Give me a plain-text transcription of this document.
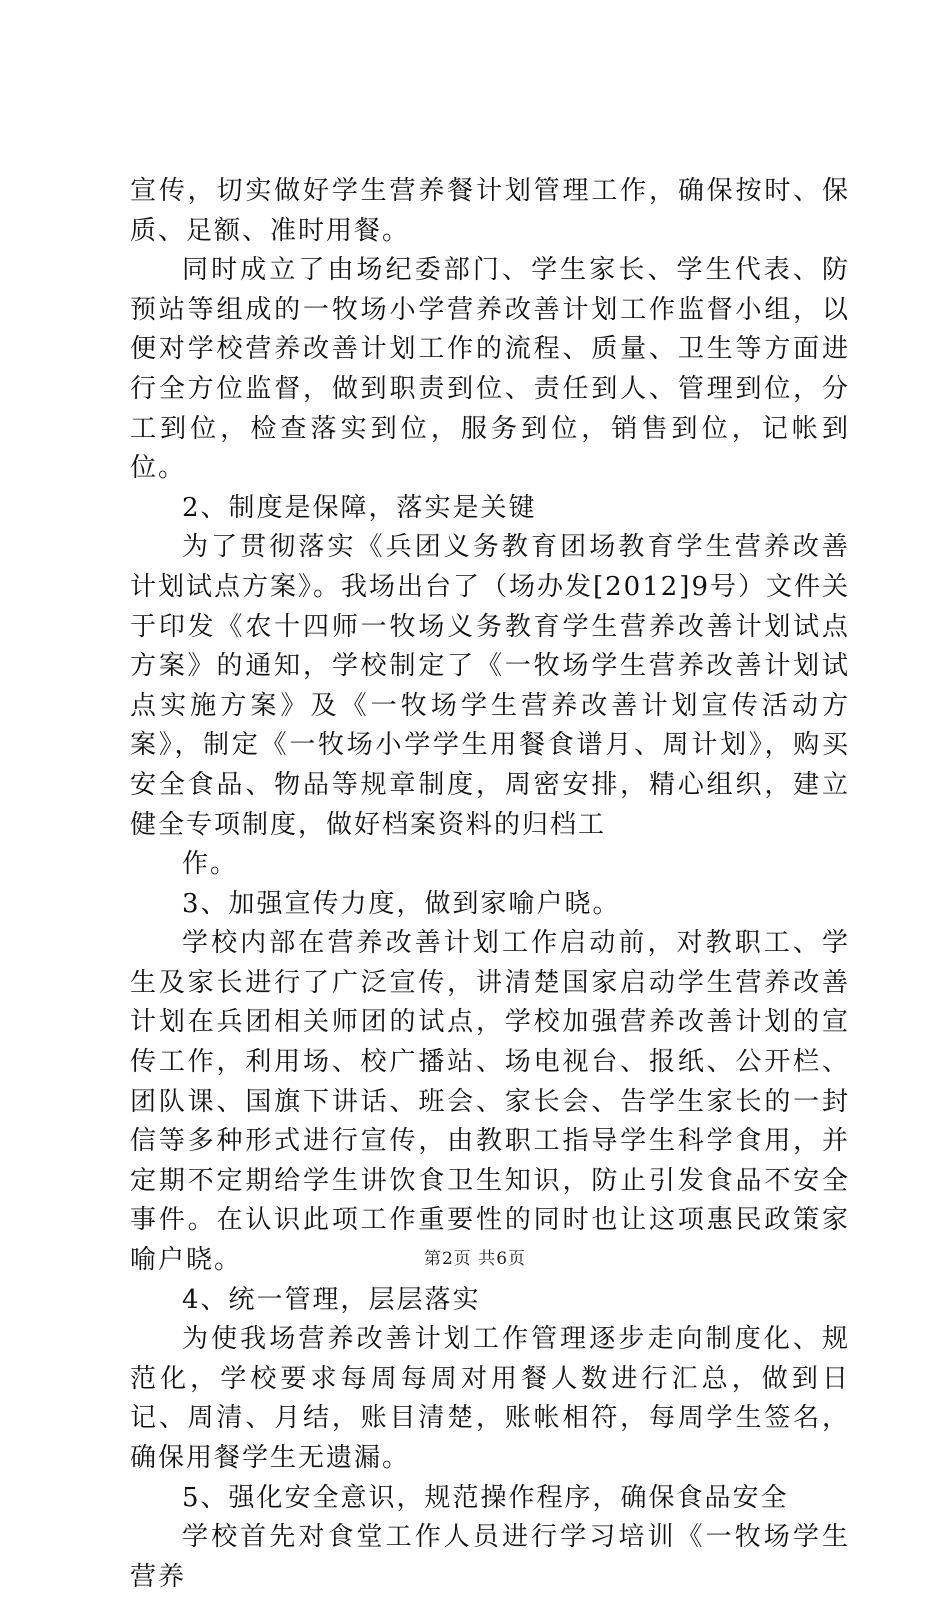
宣传，切实做好学生营养餐计划管理工作，确保按时、保质、足额、准时用餐。

同时成立了由场纪委部门、学生家长、学生代表、防预站等组成的一牧场小学营养改善计划工作监督小组，以便对学校营养改善计划工作的流程、质量、卫生等方面进行全方位监督，做到职责到位、责任到人、管理到位，分工到位，检查落实到位，服务到位，销售到位，记帐到位。

2、制度是保障，落实是关键

为了贯彻落实《兵团义务教育团场教育学生营养改善计划试点方案》。我场出台了（场办发[2012]9号）文件关于印发《农十四师一牧场义务教育学生营养改善计划试点方案》的通知，学校制定了《一牧场学生营养改善计划试点实施方案》及《一牧场学生营养改善计划宣传活动方案》，制定《一牧场小学学生用餐食谱月、周计划》，购买安全食品、物品等规章制度，周密安排，精心组织，建立健全专项制度，做好档案资料的归档工

作。

3、加强宣传力度，做到家喻户晓。

学校内部在营养改善计划工作启动前，对教职工、学生及家长进行了广泛宣传，讲清楚国家启动学生营养改善计划在兵团相关师团的试点，学校加强营养改善计划的宣传工作，利用场、校广播站、场电视台、报纸、公开栏、团队课、国旗下讲话、班会、家长会、告学生家长的一封信等多种形式进行宣传，由教职工指导学生科学食用，并定期不定期给学生讲饮食卫生知识，防止引发食品不安全事件。在认识此项工作重要性的同时也让这项惠民政策家喻户晓。

4、统一管理，层层落实

为使我场营养改善计划工作管理逐步走向制度化、规范化，学校要求每周每周对用餐人数进行汇总，做到日记、周清、月结，账目清楚，账帐相符，每周学生签名，确保用餐学生无遗漏。

5、强化安全意识，规范操作程序，确保食品安全

学校首先对食堂工作人员进行学习培训《一牧场学生营养

第2页 共6页
